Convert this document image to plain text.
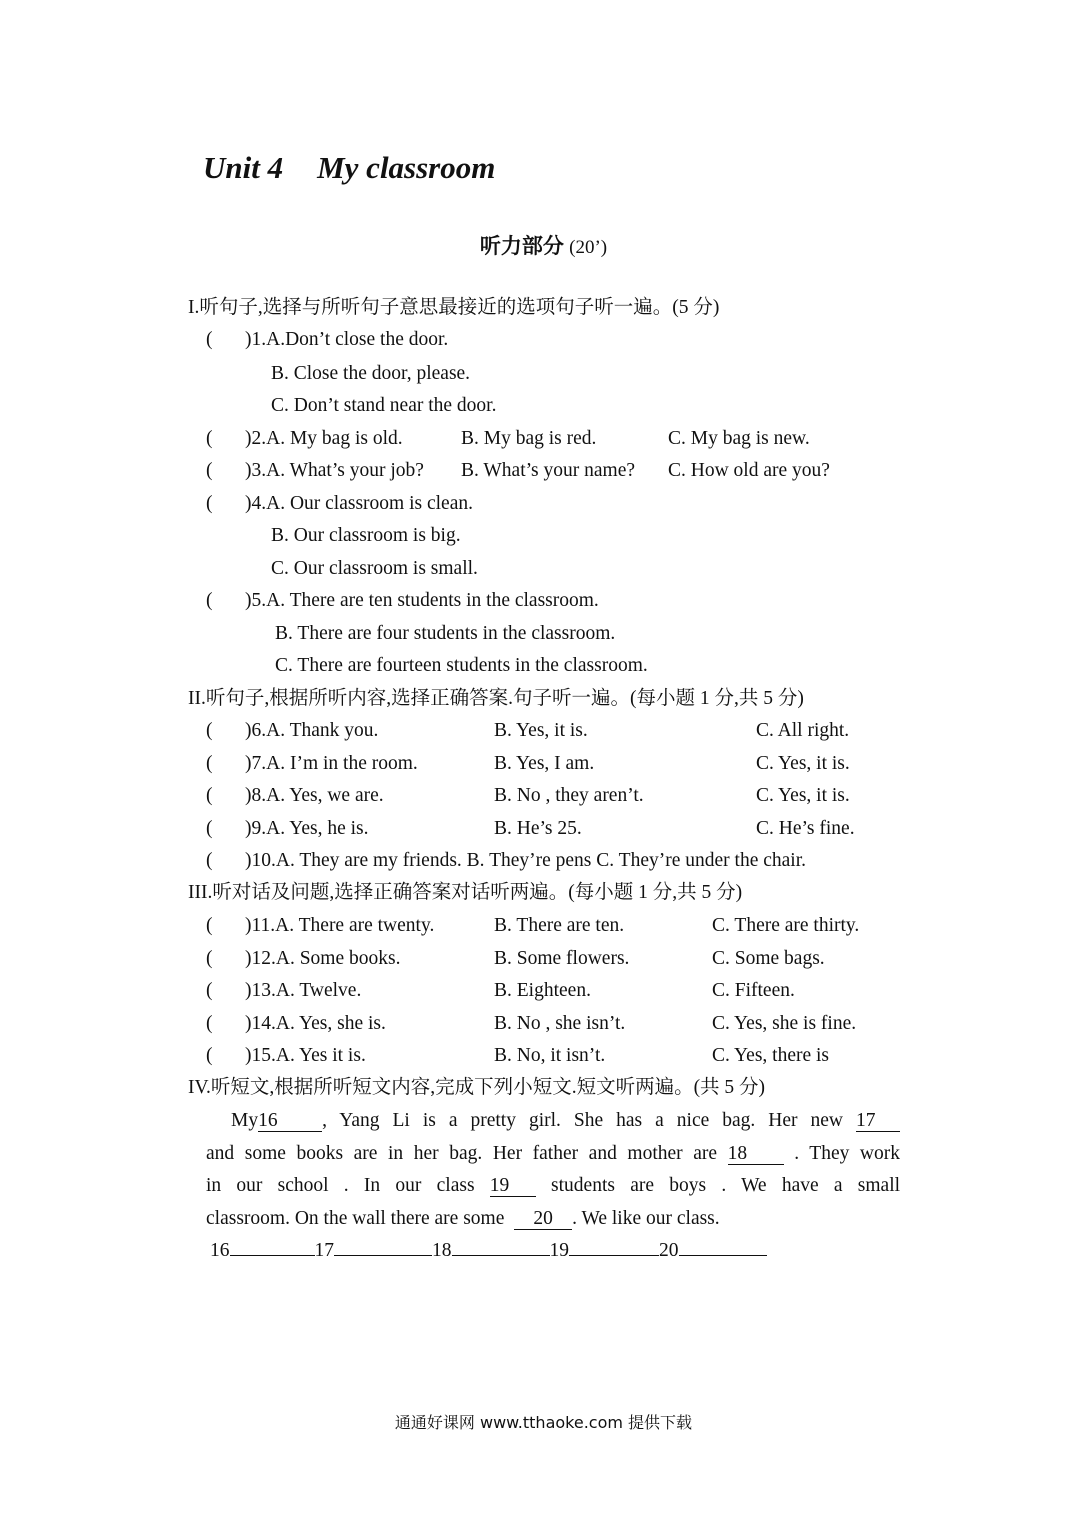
Unit 4 My classroom
听力部分 (20’)
I.听句子,选择与所听句子意思最接近的选项句子听一遍。(5 分)
( )1.A.Don’t close the door.
B. Close the door, please.
C. Don’t stand near the door.
( )2.A. My bag is old.	B. My bag is red.	C. My bag is new.
( )3.A. What’s your job? B. What’s your name? C. How old are you?
( )4.A. Our classroom is clean.
B. Our classroom is big.
C. Our classroom is small.
( )5.A. There are ten students in the classroom.
B. There are four students in the classroom.
C. There are fourteen students in the classroom.
II.听句子,根据所听内容,选择正确答案.句子听一遍。(每小题 1 分,共 5 分)
( )6.A. Thank you.	B. Yes, it is.	C. All right.
( )7.A. I’m in the room.	B. Yes, I am.	C. Yes, it is.
( )8.A. Yes, we are.	B. No , they aren’t.	C. Yes, it is.
( )9.A. Yes, he is.	B. He’s 25.	C. He’s fine.
( )10.A. They are my friends. B. They’re pens C. They’re under the chair.
III.听对话及问题,选择正确答案对话听两遍。(每小题 1 分,共 5 分)
( )11.A. There are twenty.	B. There are ten.	C. There are thirty.
( )12.A. Some books.	B. Some flowers.	C. Some bags.
( )13.A. Twelve.	B. Eighteen.	C. Fifteen.
( )14.A. Yes, she is.	B. No , she isn’t.	C. Yes, she is fine.
( )15.A. Yes it is.	B. No, it isn’t.	C. Yes, there is
IV.听短文,根据所听短文内容,完成下列小短文.短文听两遍。(共 5 分)
My16 , Yang Li is a pretty girl. She has a nice bag. Her new 17
and some books are in her bag. Her father and mother are 18 . They work
in our school . In our class 19 students are boys . We have a small
classroom. On the wall there are some 20 . We like our class.
16	17	18	19	20
通通好课网 www.tthaoke.com 提供下载
